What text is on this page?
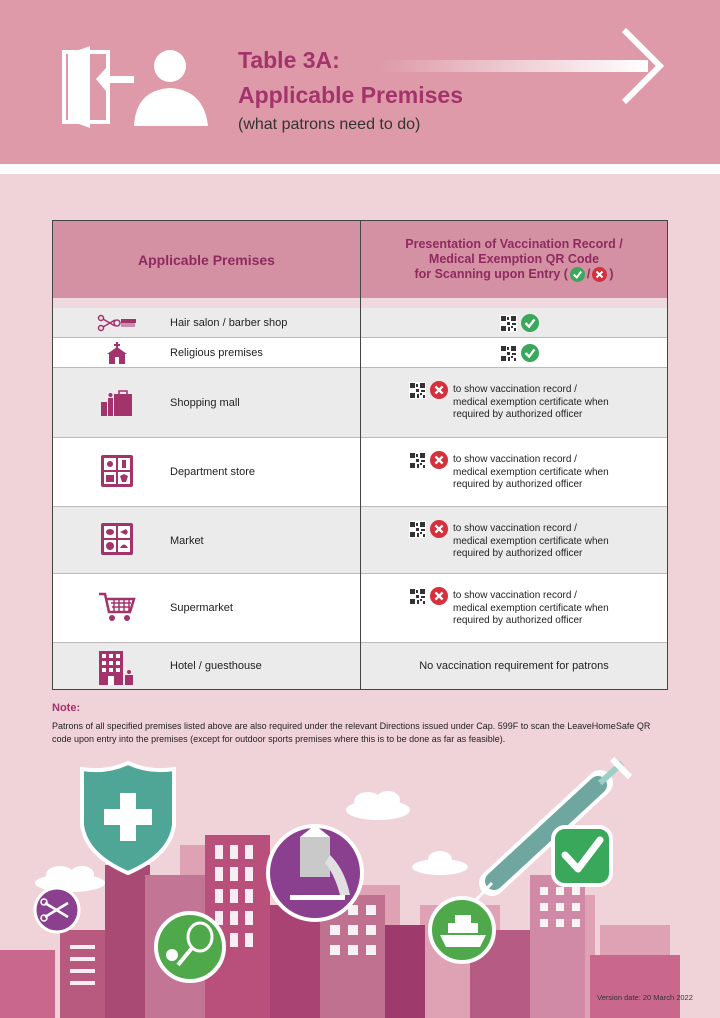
Table 3A:
Applicable Premises
(what patrons need to do)
Applicable Premises
Presentation of Vaccination Record /
Medical Exemption QR Code
for Scanning upon Entry ( / )
Hair salon / barber shop
Religious premises
Shopping mall
to show vaccination record /
medical exemption certificate when
required by authorized officer
Department store
to show vaccination record /
medical exemption certificate when
required by authorized officer
Market
to show vaccination record /
medical exemption certificate when
required by authorized officer
Supermarket
to show vaccination record /
medical exemption certificate when
required by authorized officer
Hotel / guesthouse	No vaccination requirement for patrons
Note:
Patrons of all specified premises listed above are also required under the relevant Directions issued under Cap. 599F to scan the LeaveHomeSafe QR code upon entry into the premises (except for outdoor sports premises where this is to be done as far as feasible).
Version date: 20 March 2022
